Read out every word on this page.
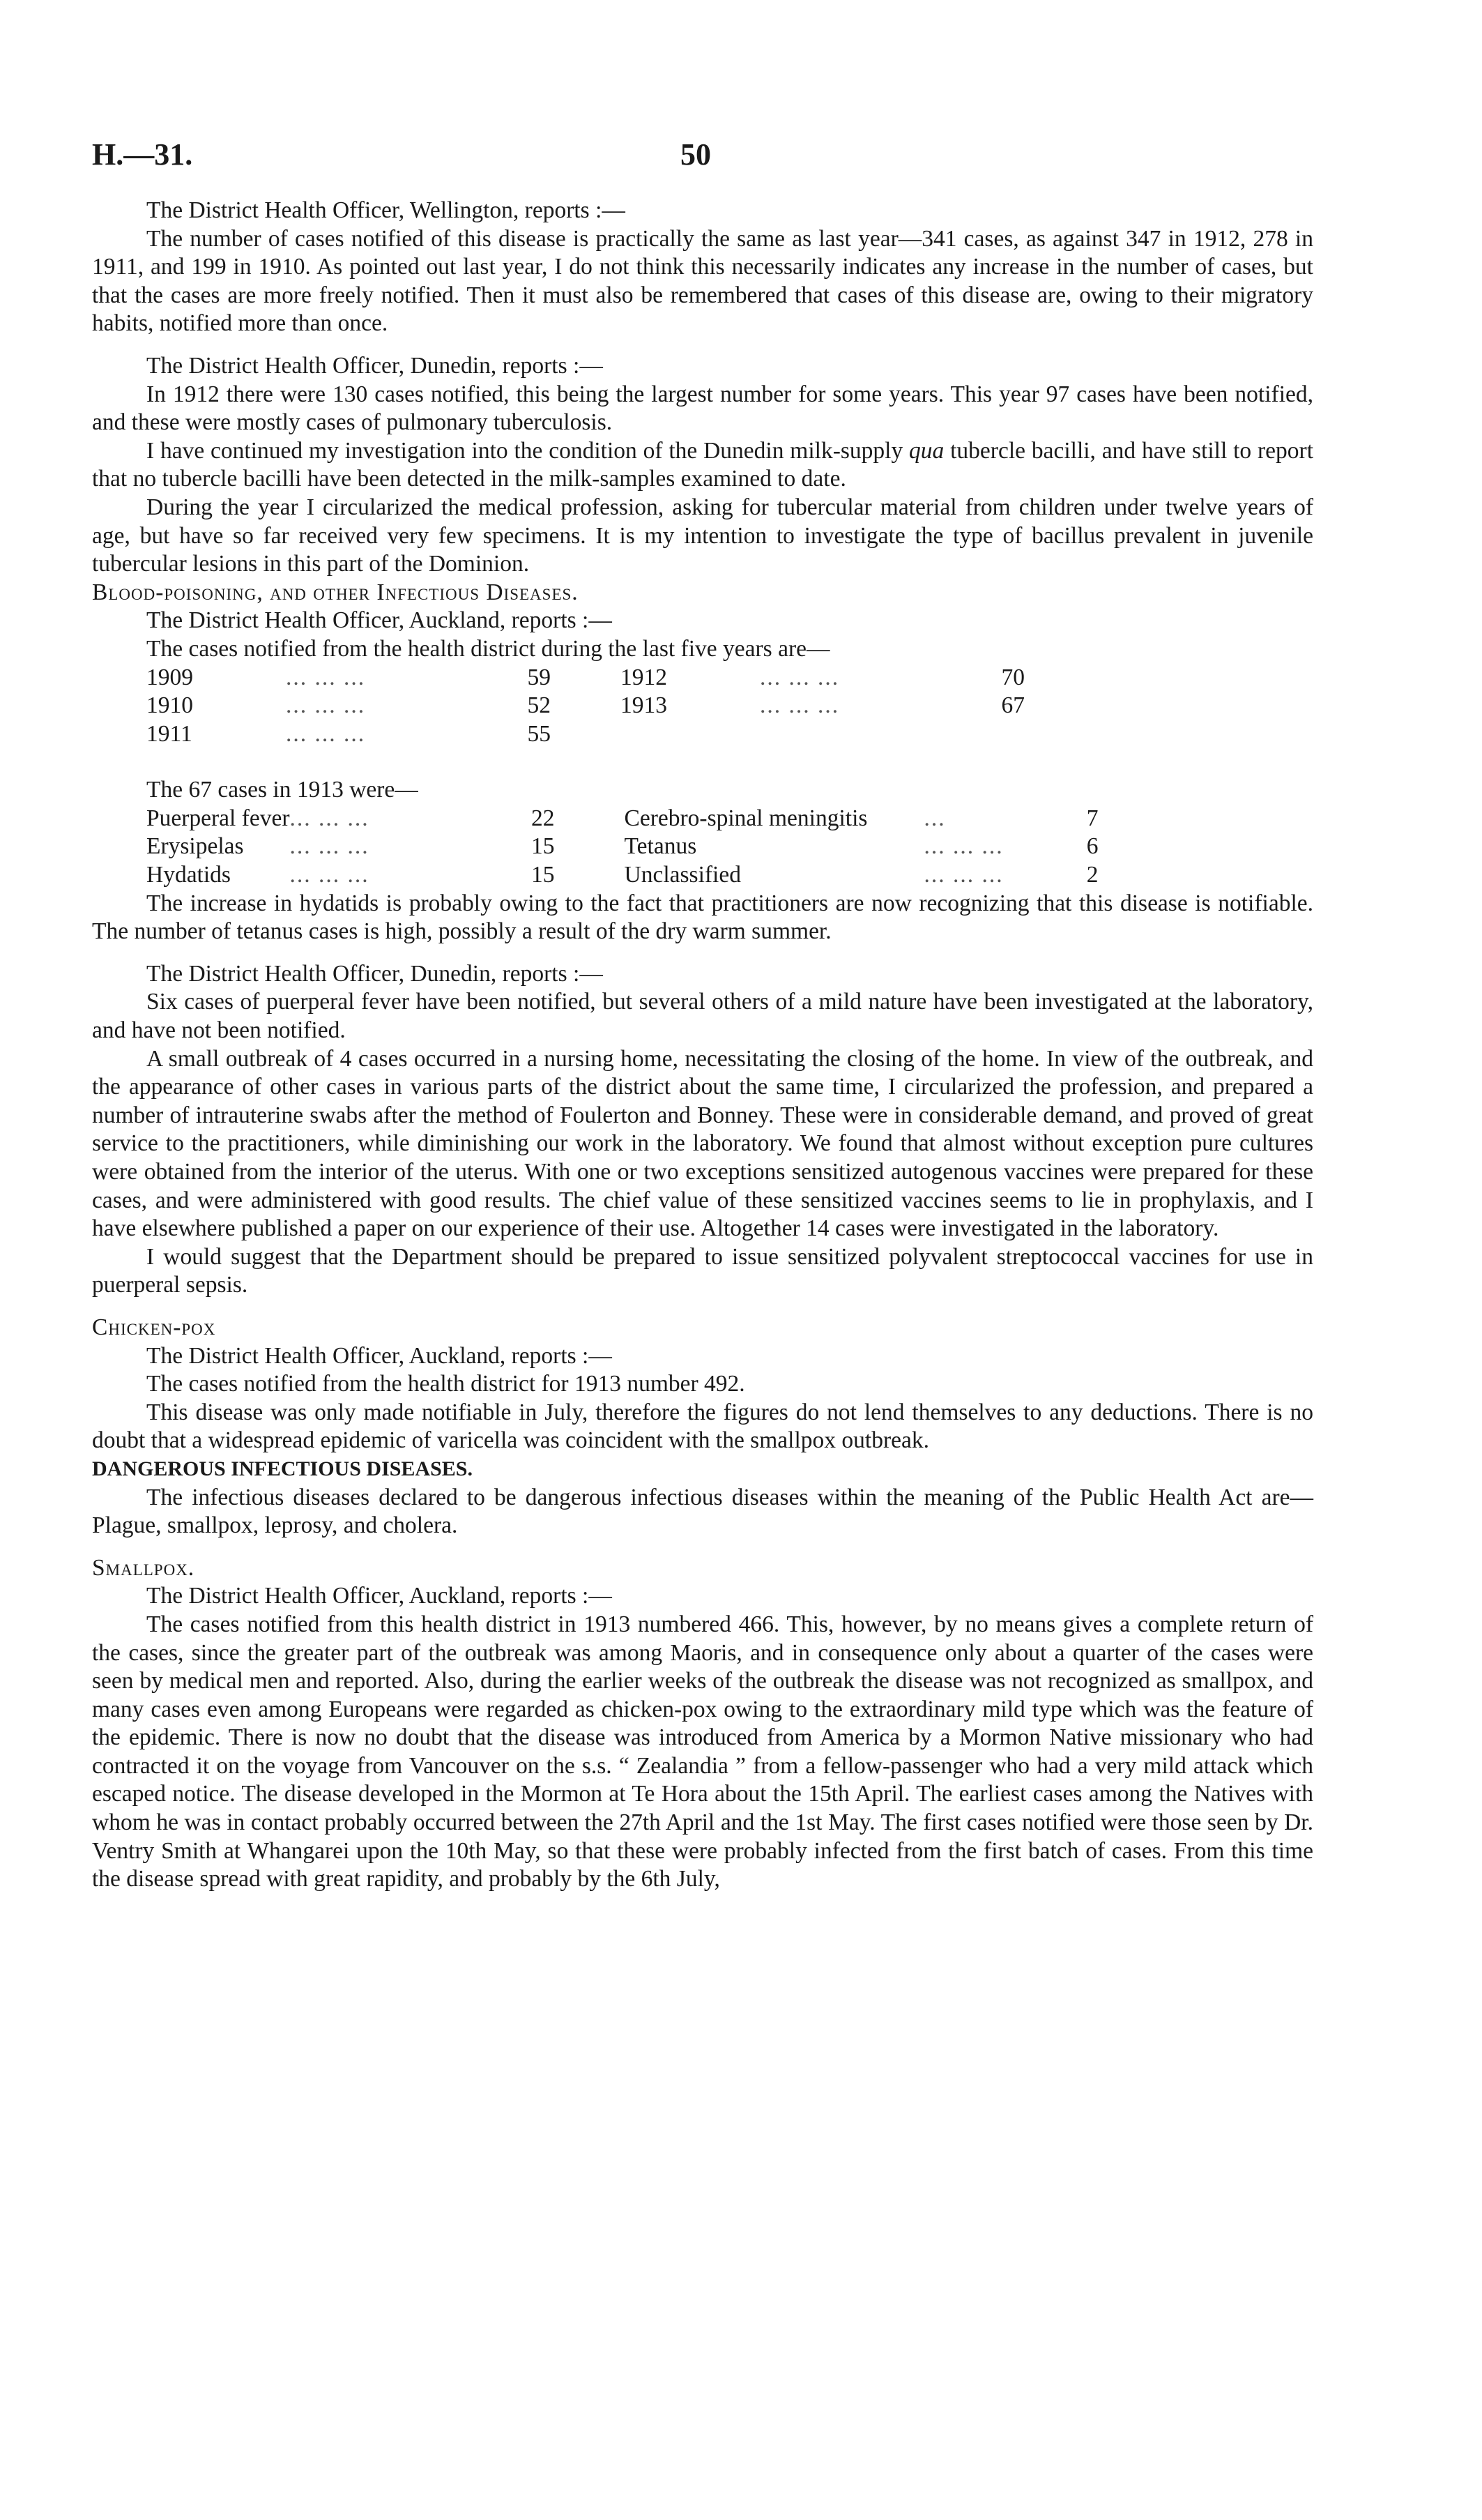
H.—31.	50

The District Health Officer, Wellington, reports :—

The number of cases notified of this disease is practically the same as last year—341 cases, as against 347 in 1912, 278 in 1911, and 199 in 1910. As pointed out last year, I do not think this necessarily indicates any increase in the number of cases, but that the cases are more freely notified. Then it must also be remembered that cases of this disease are, owing to their migratory habits, notified more than once.

The District Health Officer, Dunedin, reports :—

In 1912 there were 130 cases notified, this being the largest number for some years. This year 97 cases have been notified, and these were mostly cases of pulmonary tuberculosis.

I have continued my investigation into the condition of the Dunedin milk-supply qua tubercle bacilli, and have still to report that no tubercle bacilli have been detected in the milk-samples examined to date.

During the year I circularized the medical profession, asking for tubercular material from children under twelve years of age, but have so far received very few specimens. It is my intention to investigate the type of bacillus prevalent in juvenile tubercular lesions in this part of the Dominion.

Blood-poisoning, and other Infectious Diseases.

The District Health Officer, Auckland, reports :—

The cases notified from the health district during the last five years are—

1909	... ... ...	59		1912	... ... ...	70
1910	... ... ...	52		1913	... ... ...	67
1911	... ... ...	55				

The 67 cases in 1913 were—

Puerperal fever	... ... ...	22		Cerebro-spinal meningitis	...	7
Erysipelas	... ... ...	15		Tetanus	... ... ...	6
Hydatids	... ... ...	15		Unclassified	... ... ...	2

The increase in hydatids is probably owing to the fact that practitioners are now recognizing that this disease is notifiable. The number of tetanus cases is high, possibly a result of the dry warm summer.

The District Health Officer, Dunedin, reports :—

Six cases of puerperal fever have been notified, but several others of a mild nature have been investigated at the laboratory, and have not been notified.

A small outbreak of 4 cases occurred in a nursing home, necessitating the closing of the home. In view of the outbreak, and the appearance of other cases in various parts of the district about the same time, I circularized the profession, and prepared a number of intrauterine swabs after the method of Foulerton and Bonney. These were in considerable demand, and proved of great service to the practitioners, while diminishing our work in the laboratory. We found that almost without exception pure cultures were obtained from the interior of the uterus. With one or two exceptions sensitized autogenous vaccines were prepared for these cases, and were administered with good results. The chief value of these sensitized vaccines seems to lie in prophylaxis, and I have elsewhere published a paper on our experience of their use. Altogether 14 cases were investigated in the laboratory.

I would suggest that the Department should be prepared to issue sensitized polyvalent streptococcal vaccines for use in puerperal sepsis.

Chicken-pox

The District Health Officer, Auckland, reports :—

The cases notified from the health district for 1913 number 492.

This disease was only made notifiable in July, therefore the figures do not lend themselves to any deductions. There is no doubt that a widespread epidemic of varicella was coincident with the smallpox outbreak.

DANGEROUS INFECTIOUS DISEASES.

The infectious diseases declared to be dangerous infectious diseases within the meaning of the Public Health Act are—Plague, smallpox, leprosy, and cholera.

Smallpox.

The District Health Officer, Auckland, reports :—

The cases notified from this health district in 1913 numbered 466. This, however, by no means gives a complete return of the cases, since the greater part of the outbreak was among Maoris, and in consequence only about a quarter of the cases were seen by medical men and reported. Also, during the earlier weeks of the outbreak the disease was not recognized as smallpox, and many cases even among Europeans were regarded as chicken-pox owing to the extraordinary mild type which was the feature of the epidemic. There is now no doubt that the disease was introduced from America by a Mormon Native missionary who had contracted it on the voyage from Vancouver on the s.s. “ Zealandia ” from a fellow-passenger who had a very mild attack which escaped notice. The disease developed in the Mormon at Te Hora about the 15th April. The earliest cases among the Natives with whom he was in contact probably occurred between the 27th April and the 1st May. The first cases notified were those seen by Dr. Ventry Smith at Whangarei upon the 10th May, so that these were probably infected from the first batch of cases. From this time the disease spread with great rapidity, and probably by the 6th July,
